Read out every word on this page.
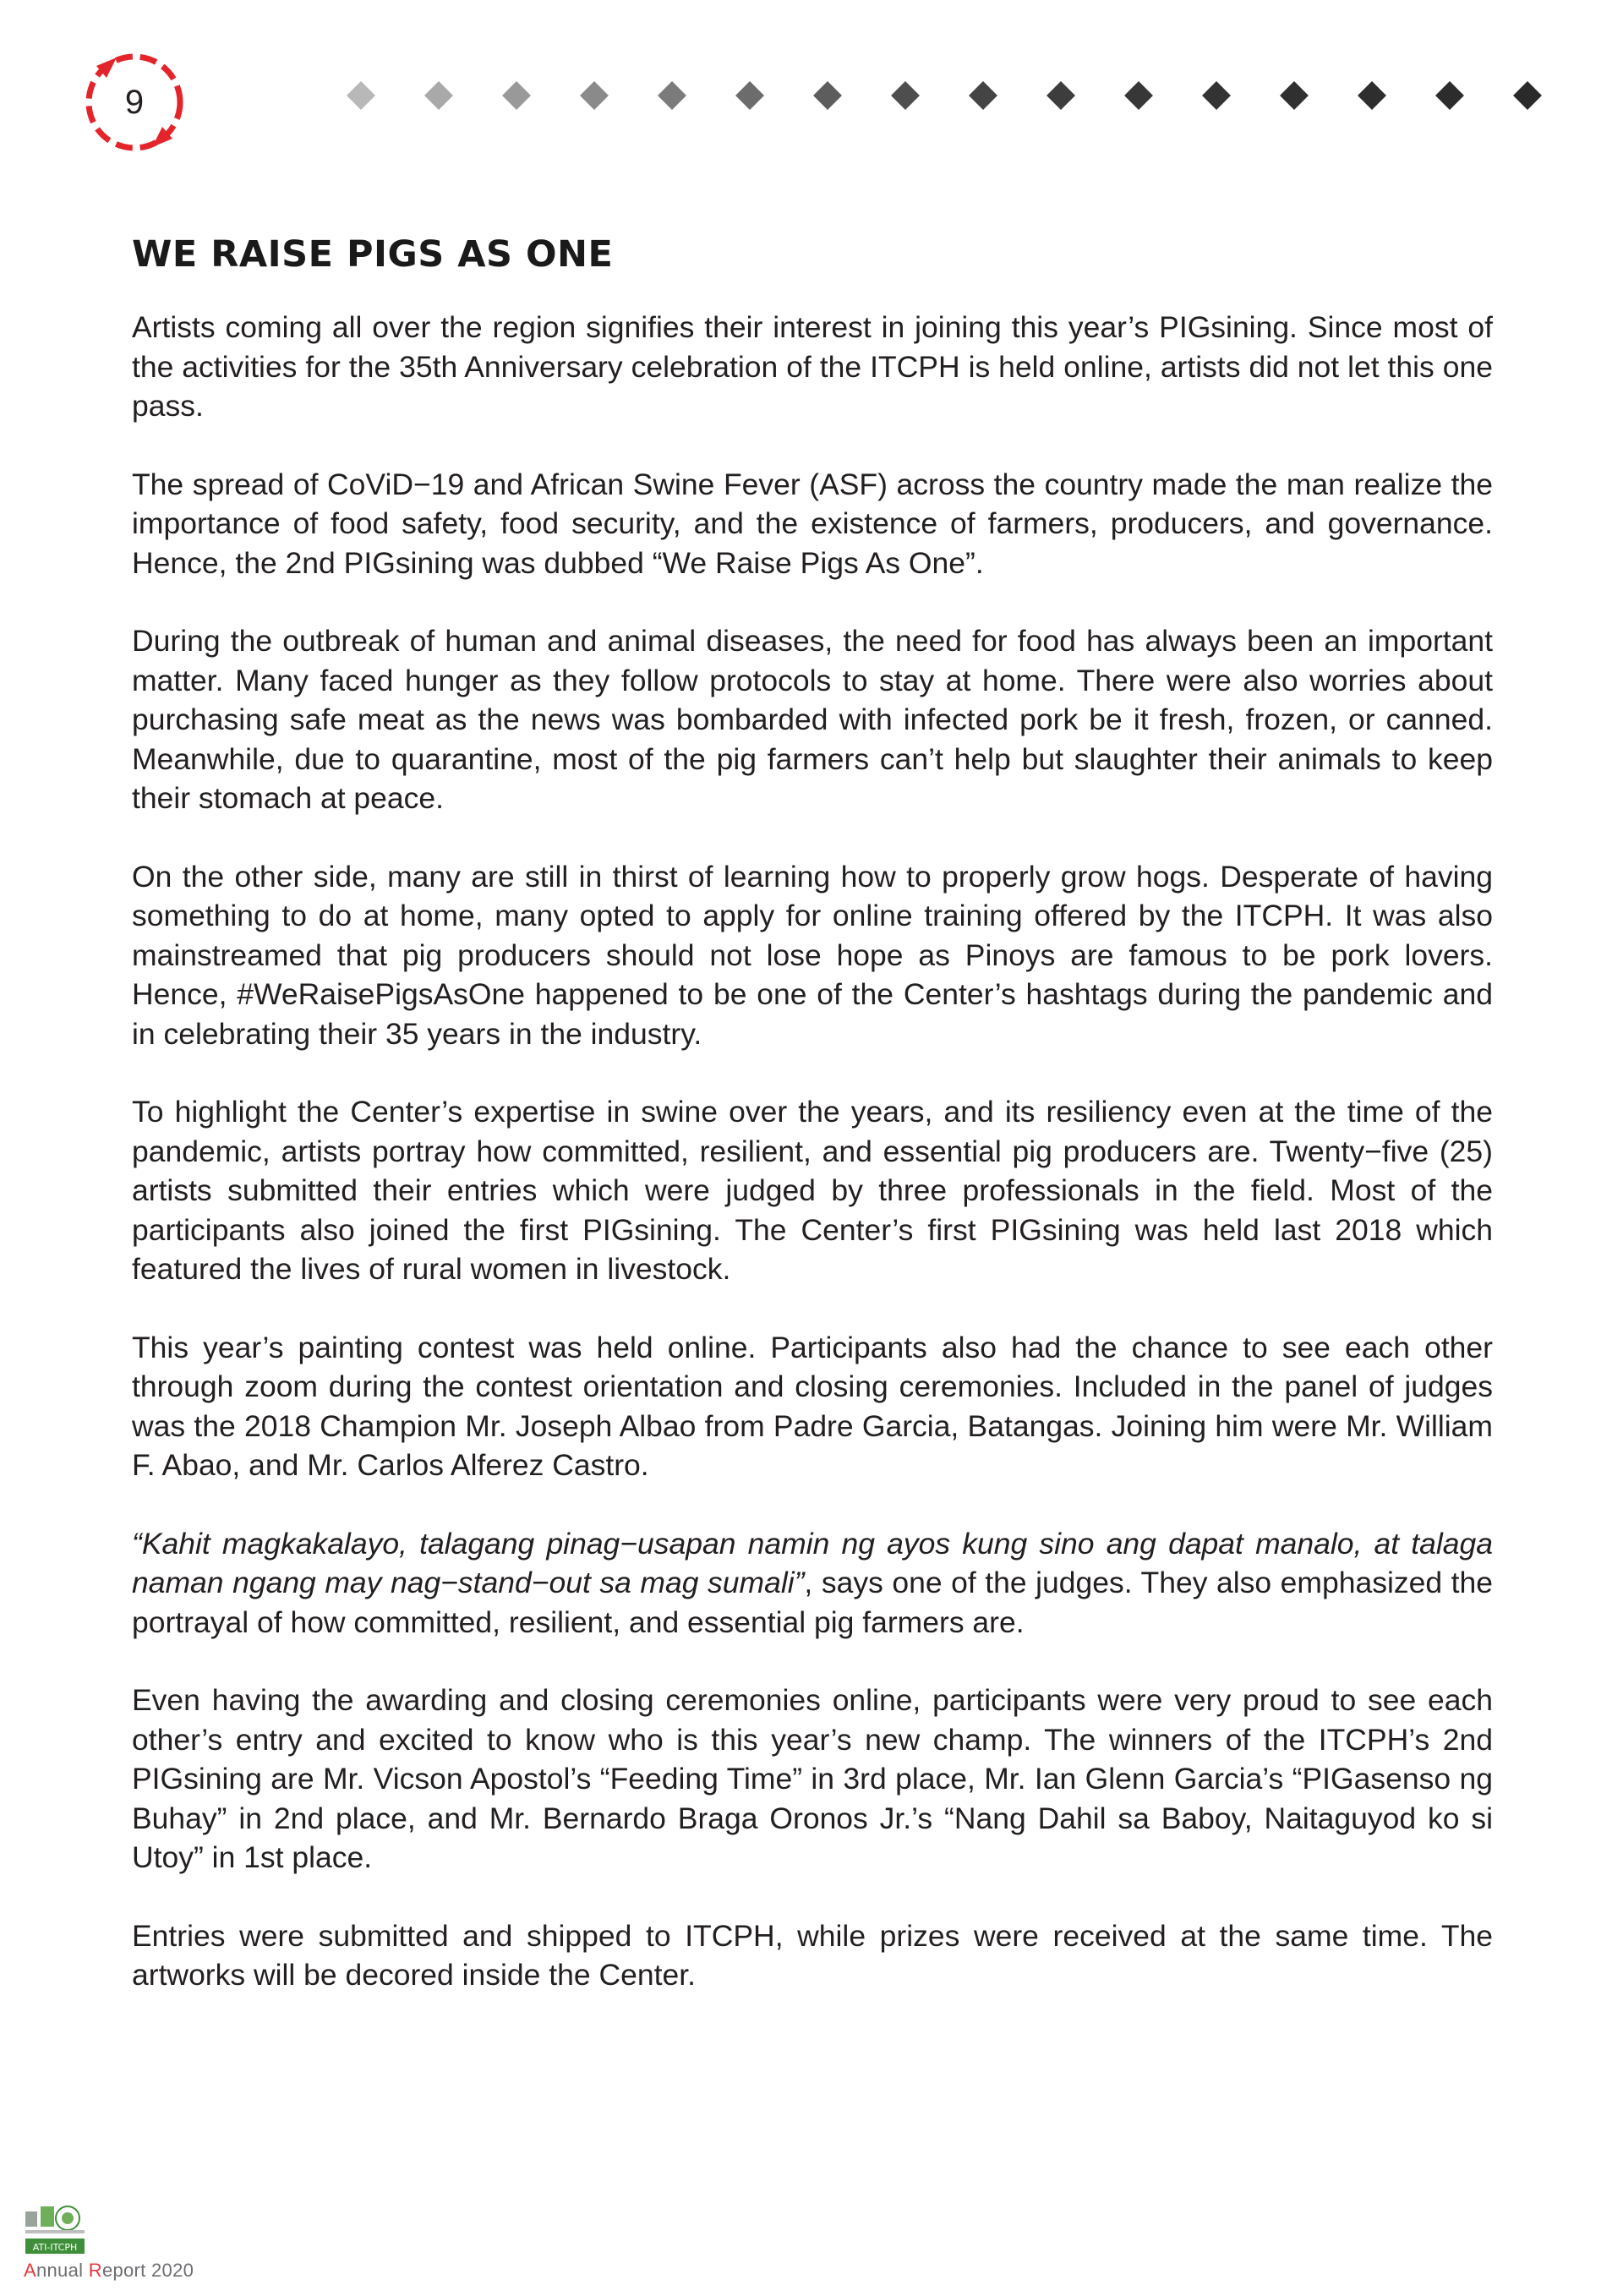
9
WE RAISE PIGS AS ONE

Artists coming all over the region signifies their interest in joining this year’s PIGsining. Since most of the activities for the 35th Anniversary celebration of the ITCPH is held online, artists did not let this one pass.

The spread of CoViD−19 and African Swine Fever (ASF) across the country made the man realize the importance of food safety, food security, and the existence of farmers, producers, and governance. Hence, the 2nd PIGsining was dubbed “We Raise Pigs As One”.

During the outbreak of human and animal diseases, the need for food has always been an important matter. Many faced hunger as they follow protocols to stay at home. There were also worries about purchasing safe meat as the news was bombarded with infected pork be it fresh, frozen, or canned. Meanwhile, due to quarantine, most of the pig farmers can’t help but slaughter their animals to keep their stomach at peace.

On the other side, many are still in thirst of learning how to properly grow hogs. Desperate of having something to do at home, many opted to apply for online training offered by the ITCPH. It was also mainstreamed that pig producers should not lose hope as Pinoys are famous to be pork lovers. Hence, #WeRaisePigsAsOne happened to be one of the Center’s hashtags during the pandemic and in celebrating their 35 years in the industry.

To highlight the Center’s expertise in swine over the years, and its resiliency even at the time of the pandemic, artists portray how committed, resilient, and essential pig producers are. Twenty−five (25) artists submitted their entries which were judged by three professionals in the field. Most of the participants also joined the first PIGsining. The Center’s first PIGsining was held last 2018 which featured the lives of rural women in livestock.

This year’s painting contest was held online. Participants also had the chance to see each other through zoom during the contest orientation and closing ceremonies. Included in the panel of judges was the 2018 Champion Mr. Joseph Albao from Padre Garcia, Batangas. Joining him were Mr. William F. Abao, and Mr. Carlos Alferez Castro.

“Kahit magkakalayo, talagang pinag−usapan namin ng ayos kung sino ang dapat manalo, at talaga naman ngang may nag−stand−out sa mag sumali”, says one of the judges. They also emphasized the portrayal of how committed, resilient, and essential pig farmers are.

Even having the awarding and closing ceremonies online, participants were very proud to see each other’s entry and excited to know who is this year’s new champ. The winners of the ITCPH’s 2nd PIGsining are Mr. Vicson Apostol’s “Feeding Time” in 3rd place, Mr. Ian Glenn Garcia’s “PIGasenso ng Buhay” in 2nd place, and Mr. Bernardo Braga Oronos Jr.’s “Nang Dahil sa Baboy, Naitaguyod ko si Utoy” in 1st place.

Entries were submitted and shipped to ITCPH, while prizes were received at the same time. The artworks will be decored inside the Center.

ATI-ITCPH
Annual Report 2020
